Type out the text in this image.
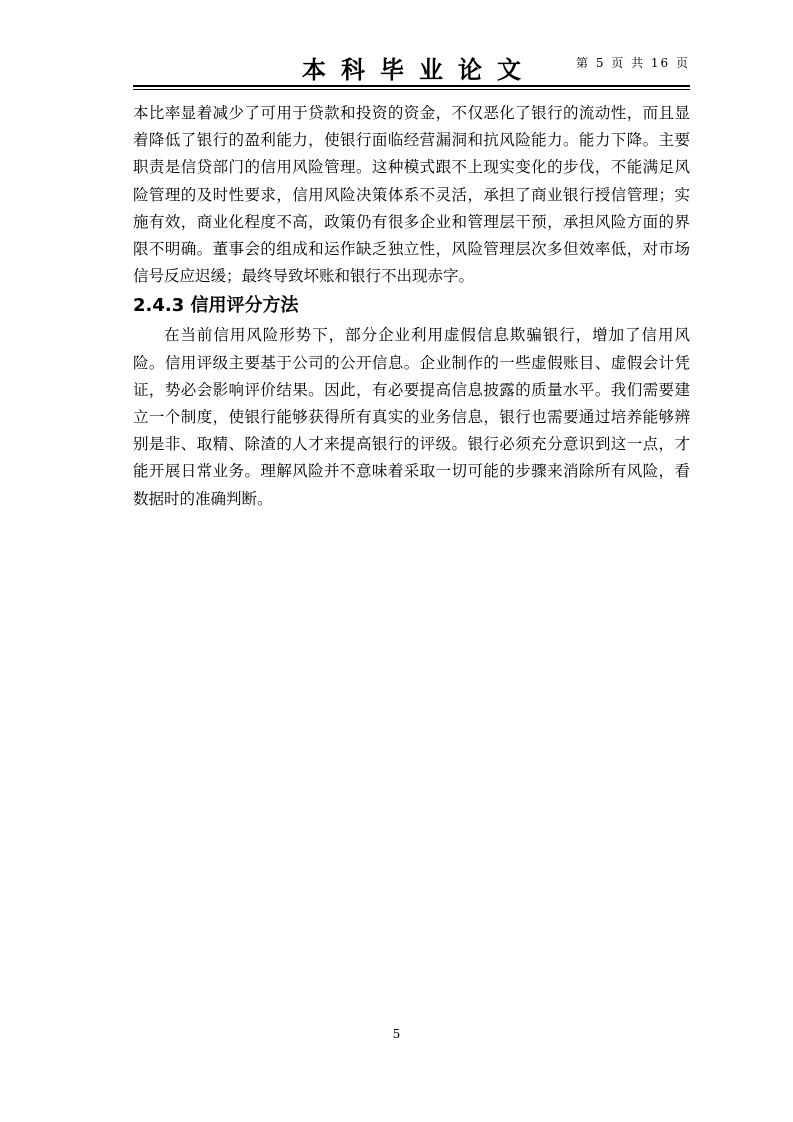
本科毕业论文	第 5 页 共 16 页

本比率显着减少了可用于贷款和投资的资金，不仅恶化了银行的流动性，而且显着降低了银行的盈利能力，使银行面临经营漏洞和抗风险能力。能力下降。主要职责是信贷部门的信用风险管理。这种模式跟不上现实变化的步伐，不能满足风险管理的及时性要求，信用风险决策体系不灵活，承担了商业银行授信管理；实施有效，商业化程度不高，政策仍有很多企业和管理层干预，承担风险方面的界限不明确。董事会的组成和运作缺乏独立性，风险管理层次多但效率低，对市场信号反应迟缓；最终导致坏账和银行不出现赤字。

2.4.3 信用评分方法

在当前信用风险形势下，部分企业利用虚假信息欺骗银行，增加了信用风险。信用评级主要基于公司的公开信息。企业制作的一些虚假账目、虚假会计凭证，势必会影响评价结果。因此，有必要提高信息披露的质量水平。我们需要建立一个制度，使银行能够获得所有真实的业务信息，银行也需要通过培养能够辨别是非、取精、除渣的人才来提高银行的评级。银行必须充分意识到这一点，才能开展日常业务。理解风险并不意味着采取一切可能的步骤来消除所有风险，看数据时的准确判断。

5
